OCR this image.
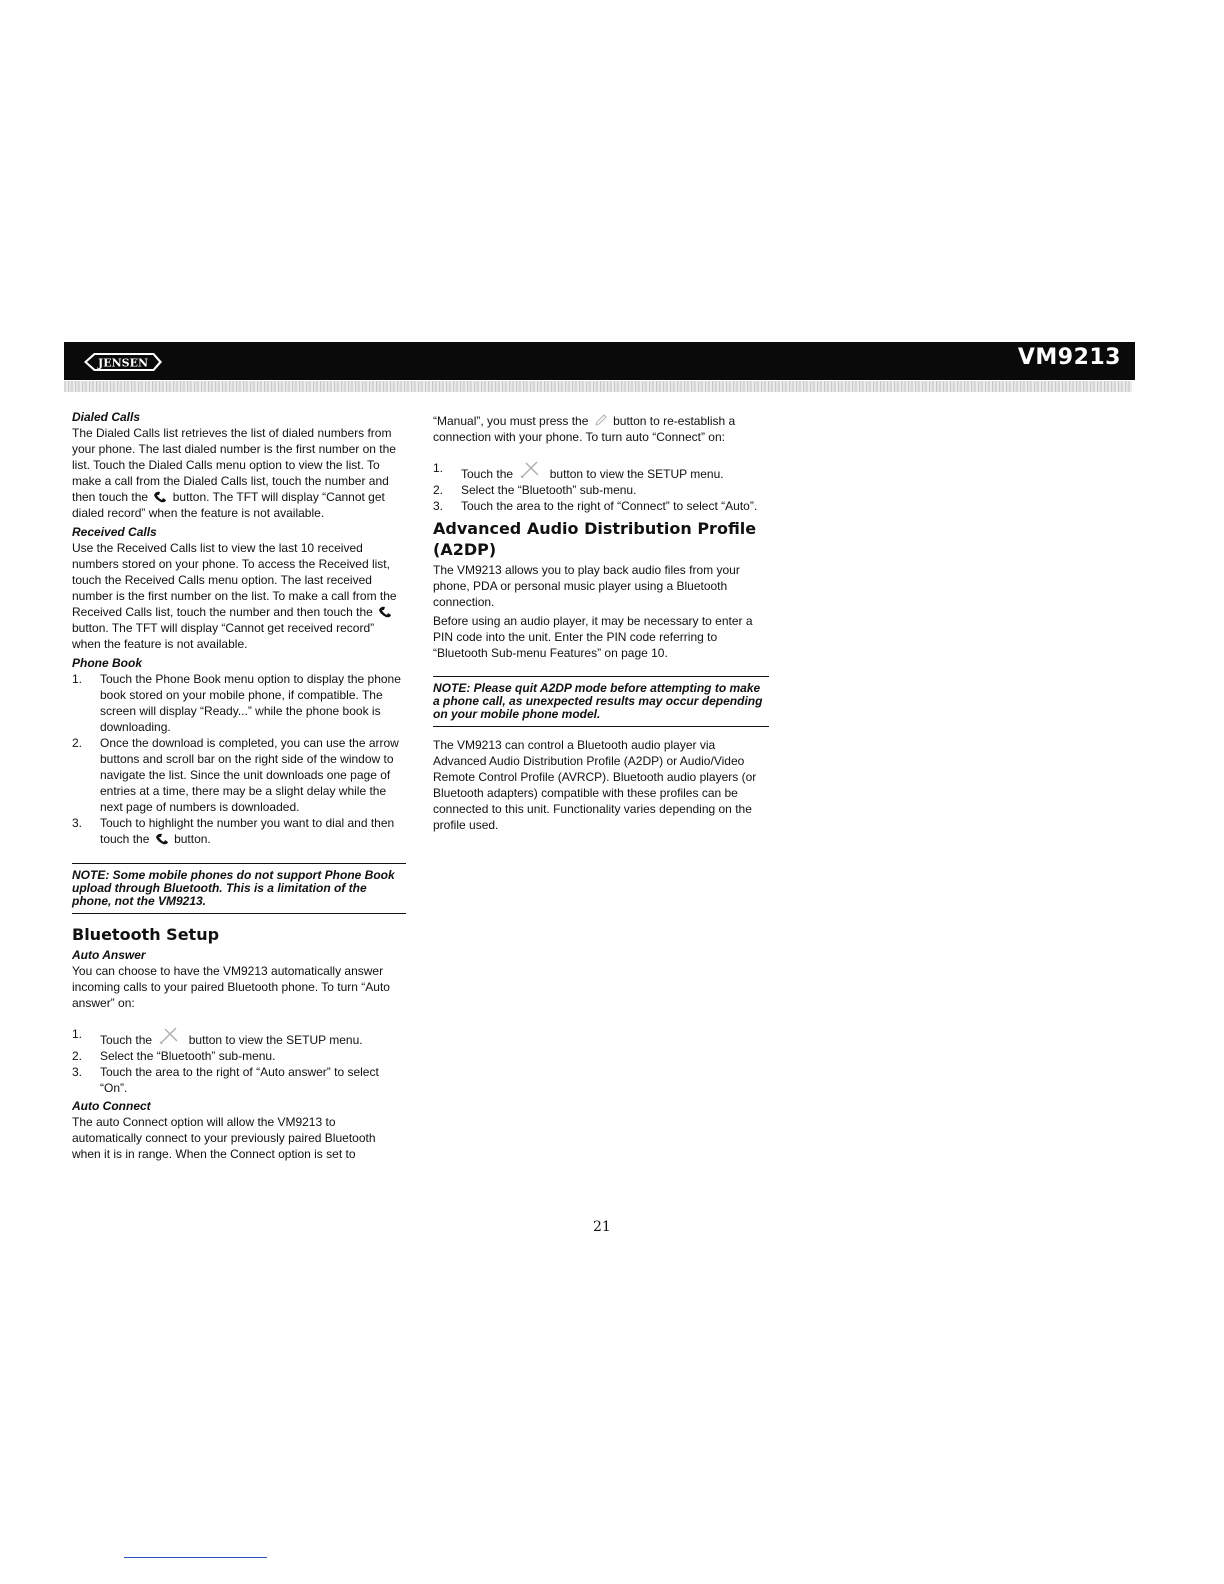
JENSEN	VM9213
Dialed Calls

The Dialed Calls list retrieves the list of dialed numbers from your phone. The last dialed number is the first number on the list. Touch the Dialed Calls menu option to view the list. To make a call from the Dialed Calls list, touch the number and then touch the button. The TFT will display “Cannot get dialed record” when the feature is not available.

Received Calls

Use the Received Calls list to view the last 10 received numbers stored on your phone. To access the Received list, touch the Received Calls menu option. The last received number is the first number on the list. To make a call from the Received Calls list, touch the number and then touch the  button. The TFT will display “Cannot get received record” when the feature is not available.

Phone Book
1.	Touch the Phone Book menu option to display the phone book stored on your mobile phone, if compatible. The screen will display “Ready...” while the phone book is downloading.
2.	Once the download is completed, you can use the arrow buttons and scroll bar on the right side of the window to navigate the list. Since the unit downloads one page of entries at a time, there may be a slight delay while the next page of numbers is downloaded.
3.	Touch to highlight the number you want to dial and then touch the button.
NOTE: Some mobile phones do not support Phone Book upload through Bluetooth. This is a limitation of the phone, not the VM9213.
Bluetooth Setup
Auto Answer

You can choose to have the VM9213 automatically answer incoming calls to your paired Bluetooth phone. To turn “Auto answer” on:

1.	Touch the	button to view the SETUP menu.
2.	Select the “Bluetooth” sub-menu.
3.	Touch the area to the right of “Auto answer” to select “On”.
Auto Connect

The auto Connect option will allow the VM9213 to automatically connect to your previously paired Bluetooth when it is in range. When the Connect option is set to

“Manual”, you must press the button to re-establish a connection with your phone. To turn auto “Connect” on:

1.	Touch the	button to view the SETUP menu.
2.	Select the “Bluetooth” sub-menu.
3.	Touch the area to the right of “Connect” to select “Auto”.
Advanced Audio Distribution Profile (A2DP)

The VM9213 allows you to play back audio files from your phone, PDA or personal music player using a Bluetooth connection.

Before using an audio player, it may be necessary to enter a PIN code into the unit. Enter the PIN code referring to “Bluetooth Sub-menu Features” on page 10.

NOTE: Please quit A2DP mode before attempting to make a phone call, as unexpected results may occur depending on your mobile phone model.

The VM9213 can control a Bluetooth audio player via Advanced Audio Distribution Profile (A2DP) or Audio/Video Remote Control Profile (AVRCP). Bluetooth audio players (or Bluetooth adapters) compatible with these profiles can be connected to this unit. Functionality varies depending on the profile used.

21
